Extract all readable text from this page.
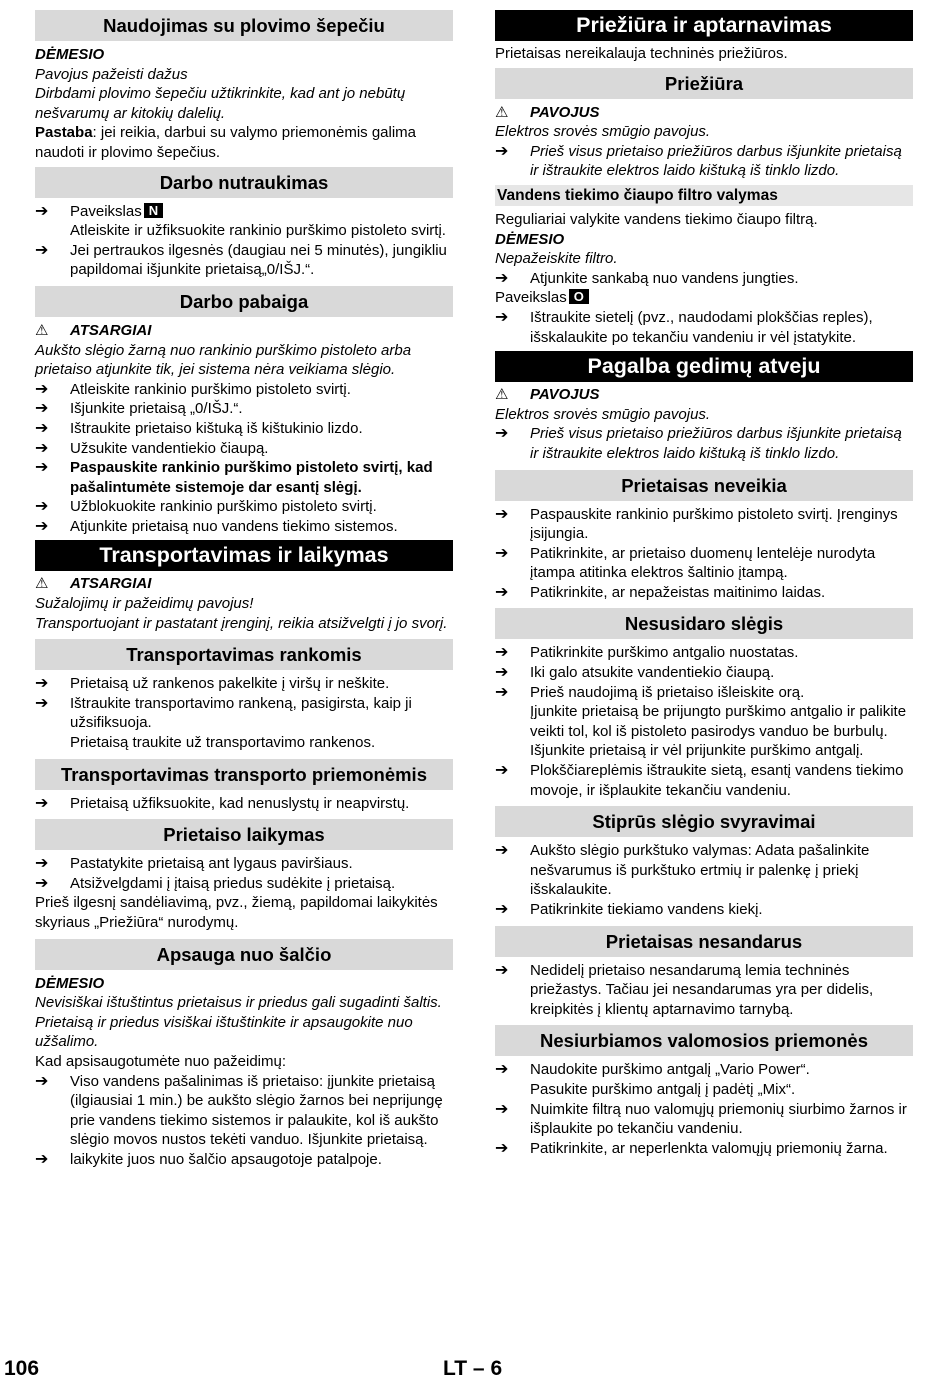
Naudojimas su plovimo šepečiu

DĖMESIO

Pavojus pažeisti dažus

Dirbdami plovimo šepečiu užtikrinkite, kad ant jo nebūtų nešvarumų ar kitokių dalelių.

Pastaba: jei reikia, darbui su valymo priemonėmis galima naudoti ir plovimo šepečius.

Darbo nutraukimas
➔	Paveikslas N

Atleiskite ir užfiksuokite rankinio purškimo pistoleto svirtį.

➔	Jei pertraukos ilgesnės (daugiau nei 5 minutės), jungikliu papildomai išjunkite prietaisą„0/IŠJ.“.
Darbo pabaiga
⚠	ATSARGIAI

Aukšto slėgio žarną nuo rankinio purškimo pistoleto arba prietaiso atjunkite tik, jei sistema nėra veikiama slėgio.

➔	Atleiskite rankinio purškimo pistoleto svirtį.
➔	Išjunkite prietaisą „0/IŠJ.“.
➔	Ištraukite prietaiso kištuką iš kištukinio lizdo.
➔	Užsukite vandentiekio čiaupą.
➔	Paspauskite rankinio purškimo pistoleto svirtį, kad pašalintumėte sistemoje dar esantį slėgį.
➔	Užblokuokite rankinio purškimo pistoleto svirtį.
➔	Atjunkite prietaisą nuo vandens tiekimo sistemos.
Transportavimas ir laikymas
⚠	ATSARGIAI

Sužalojimų ir pažeidimų pavojus!

Transportuojant ir pastatant įrenginį, reikia atsižvelgti į jo svorį.

Transportavimas rankomis
➔	Prietaisą už rankenos pakelkite į viršų ir neškite.
➔	Ištraukite transportavimo rankeną, pasigirsta, kaip ji užsifiksuoja.

Prietaisą traukite už transportavimo rankenos.

Transportavimas transporto priemonėmis
➔	Prietaisą užfiksuokite, kad nenuslystų ir neapvirstų.
Prietaiso laikymas
➔	Pastatykite prietaisą ant lygaus paviršiaus.
➔	Atsižvelgdami į įtaisą priedus sudėkite į prietaisą.

Prieš ilgesnį sandėliavimą, pvz., žiemą, papildomai laikykitės skyriaus „Priežiūra“ nurodymų.

Apsauga nuo šalčio

DĖMESIO

Nevisiškai ištuštintus prietaisus ir priedus gali sugadinti šaltis. Prietaisą ir priedus visiškai ištuštinkite ir apsaugokite nuo užšalimo.

Kad apsisaugotumėte nuo pažeidimų:

➔	Viso vandens pašalinimas iš prietaiso: įjunkite prietaisą (ilgiausiai 1 min.) be aukšto slėgio žarnos bei neprijungę prie vandens tiekimo sistemos ir palaukite, kol iš aukšto slėgio movos nustos tekėti vanduo. Išjunkite prietaisą.
➔	laikykite juos nuo šalčio apsaugotoje patalpoje.
Priežiūra ir aptarnavimas

Prietaisas nereikalauja techninės priežiūros.

Priežiūra
⚠	PAVOJUS

Elektros srovės smūgio pavojus.

➔	Prieš visus prietaiso priežiūros darbus išjunkite prietaisą ir ištraukite elektros laido kištuką iš tinklo lizdo.
Vandens tiekimo čiaupo filtro valymas

Reguliariai valykite vandens tiekimo čiaupo filtrą.

DĖMESIO

Nepažeiskite filtro.

➔	Atjunkite sankabą nuo vandens jungties.

Paveikslas O

➔	Ištraukite sietelį (pvz., naudodami plokščias reples), išskalaukite po tekančiu vandeniu ir vėl įstatykite.
Pagalba gedimų atveju
⚠	PAVOJUS

Elektros srovės smūgio pavojus.

➔	Prieš visus prietaiso priežiūros darbus išjunkite prietaisą ir ištraukite elektros laido kištuką iš tinklo lizdo.
Prietaisas neveikia
➔	Paspauskite rankinio purškimo pistoleto svirtį. Įrenginys įsijungia.
➔	Patikrinkite, ar prietaiso duomenų lentelėje nurodyta įtampa atitinka elektros šaltinio įtampą.
➔	Patikrinkite, ar nepažeistas maitinimo laidas.
Nesusidaro slėgis
➔	Patikrinkite purškimo antgalio nuostatas.
➔	Iki galo atsukite vandentiekio čiaupą.
➔	Prieš naudojimą iš prietaiso išleiskite orą.

Įjunkite prietaisą be prijungto purškimo antgalio ir palikite veikti tol, kol iš pistoleto pasirodys vanduo be burbulų. Išjunkite prietaisą ir vėl prijunkite purškimo antgalį.

➔	Plokščiareplėmis ištraukite sietą, esantį vandens tiekimo movoje, ir išplaukite tekančiu vandeniu.
Stiprūs slėgio svyravimai
➔	Aukšto slėgio purkštuko valymas: Adata pašalinkite nešvarumus iš purkštuko ertmių ir palenkę į priekį išskalaukite.
➔	Patikrinkite tiekiamo vandens kiekį.
Prietaisas nesandarus
➔	Nedidelį prietaiso nesandarumą lemia techninės priežastys. Tačiau jei nesandarumas yra per didelis, kreipkitės į klientų aptarnavimo tarnybą.
Nesiurbiamos valomosios priemonės
➔	Naudokite purškimo antgalį „Vario Power“.

Pasukite purškimo antgalį į padėtį „Mix“.

➔	Nuimkite filtrą nuo valomųjų priemonių siurbimo žarnos ir išplaukite po tekančiu vandeniu.
➔	Patikrinkite, ar neperlenkta valomųjų priemonių žarna.
106	LT – 6
